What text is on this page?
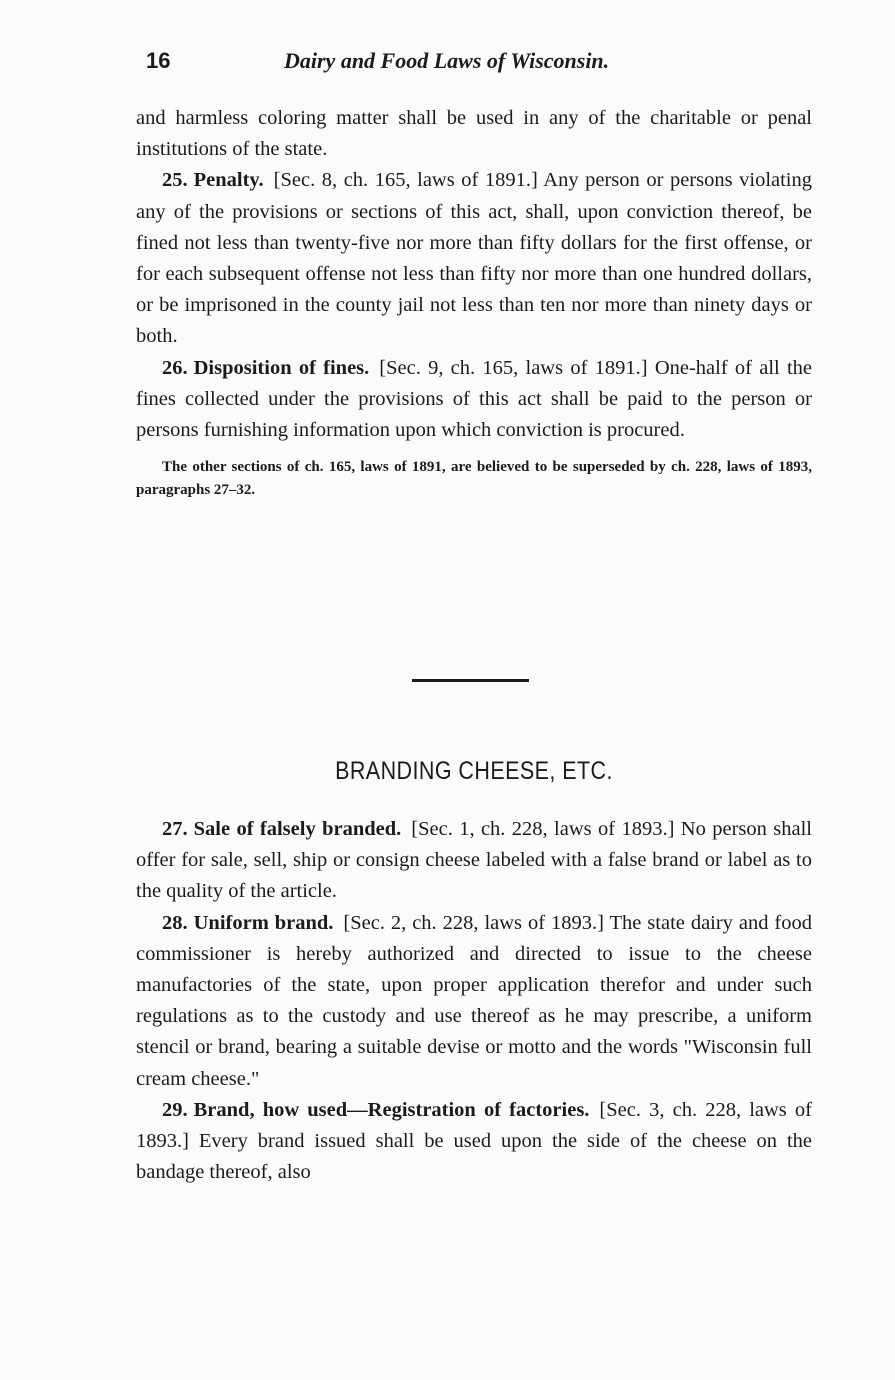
16	Dairy and Food Laws of Wisconsin.

and harmless coloring matter shall be used in any of the charitable or penal institutions of the state.

25. Penalty. [Sec. 8, ch. 165, laws of 1891.] Any person or persons violating any of the provisions or sections of this act, shall, upon conviction thereof, be fined not less than twenty-five nor more than fifty dollars for the first offense, or for each subsequent offense not less than fifty nor more than one hundred dollars, or be imprisoned in the county jail not less than ten nor more than ninety days or both.

26. Disposition of fines. [Sec. 9, ch. 165, laws of 1891.] One-half of all the fines collected under the provisions of this act shall be paid to the person or persons furnishing information upon which conviction is procured.

The other sections of ch. 165, laws of 1891, are believed to be superseded by ch. 228, laws of 1893, paragraphs 27–32.

BRANDING CHEESE, ETC.

27. Sale of falsely branded. [Sec. 1, ch. 228, laws of 1893.] No person shall offer for sale, sell, ship or consign cheese labeled with a false brand or label as to the quality of the article.

28. Uniform brand. [Sec. 2, ch. 228, laws of 1893.] The state dairy and food commissioner is hereby authorized and directed to issue to the cheese manufactories of the state, upon proper application therefor and under such regulations as to the custody and use thereof as he may prescribe, a uniform stencil or brand, bearing a suitable devise or motto and the words "Wisconsin full cream cheese."

29. Brand, how used—Registration of factories. [Sec. 3, ch. 228, laws of 1893.] Every brand issued shall be used upon the side of the cheese on the bandage thereof, also
